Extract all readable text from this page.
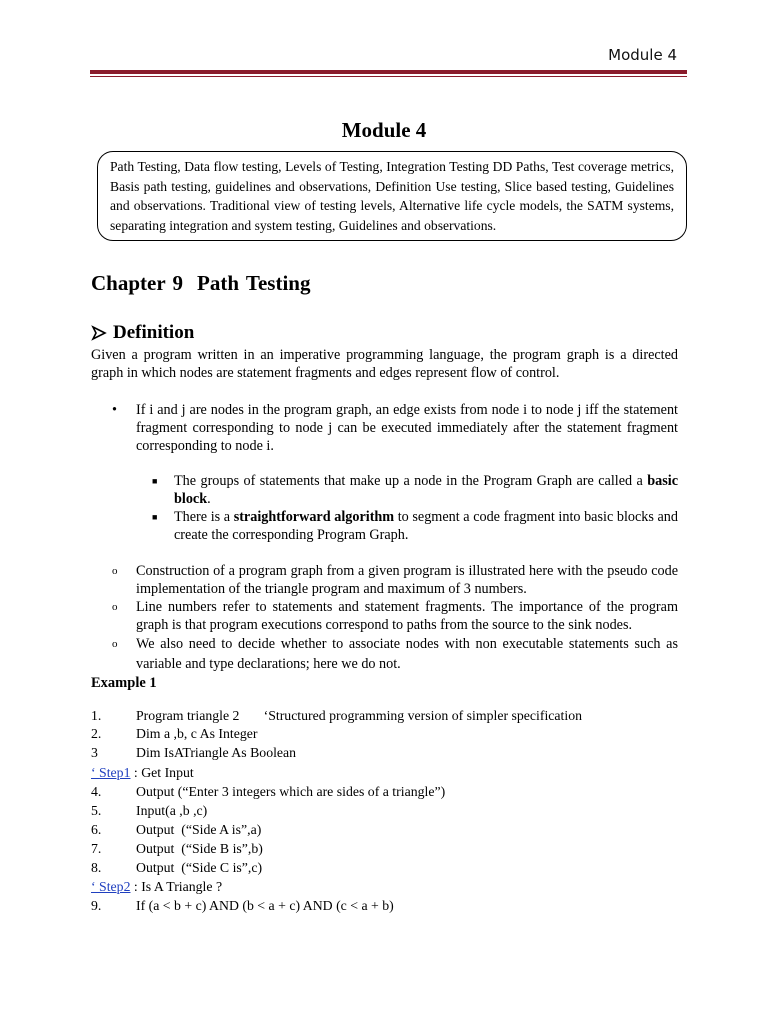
Module 4
Module 4

Path Testing, Data flow testing, Levels of Testing, Integration Testing DD Paths, Test coverage metrics, Basis path testing, guidelines and observations, Definition Use testing, Slice based testing, Guidelines and observations. Traditional view of testing levels, Alternative life cycle models, the SATM systems, separating integration and system testing, Guidelines and observations.

Chapter 9 Path Testing
Definition

Given a program written in an imperative programming language, the program graph is a directed graph in which nodes are statement fragments and edges represent flow of control.

•	If i and j are nodes in the program graph, an edge exists from node i to node j iff the statement fragment corresponding to node j can be executed immediately after the statement fragment corresponding to node i.
■	The groups of statements that make up a node in the Program Graph are called a basic block.
■	There is a straightforward algorithm to segment a code fragment into basic blocks and create the corresponding Program Graph.
o	Construction of a program graph from a given program is illustrated here with the pseudo code implementation of the triangle program and maximum of 3 numbers.
o	Line numbers refer to statements and statement fragments. The importance of the program graph is that program executions correspond to paths from the source to the sink nodes.
o	We also need to decide whether to associate nodes with non executable statements such as variable and type declarations; here we do not.
Example 1
1.	Program triangle 2       ‘Structured programming version of simpler specification
2.	Dim a ,b, c As Integer
3	Dim IsATriangle As Boolean
‘ Step1 : Get Input
4.	Output (“Enter 3 integers which are sides of a triangle”)
5.	Input(a ,b ,c)
6.	Output  (“Side A is”,a)
7.	Output  (“Side B is”,b)
8.	Output  (“Side C is”,c)
‘ Step2 : Is A Triangle ?
9.	If (a < b + c) AND (b < a + c) AND (c < a + b)
